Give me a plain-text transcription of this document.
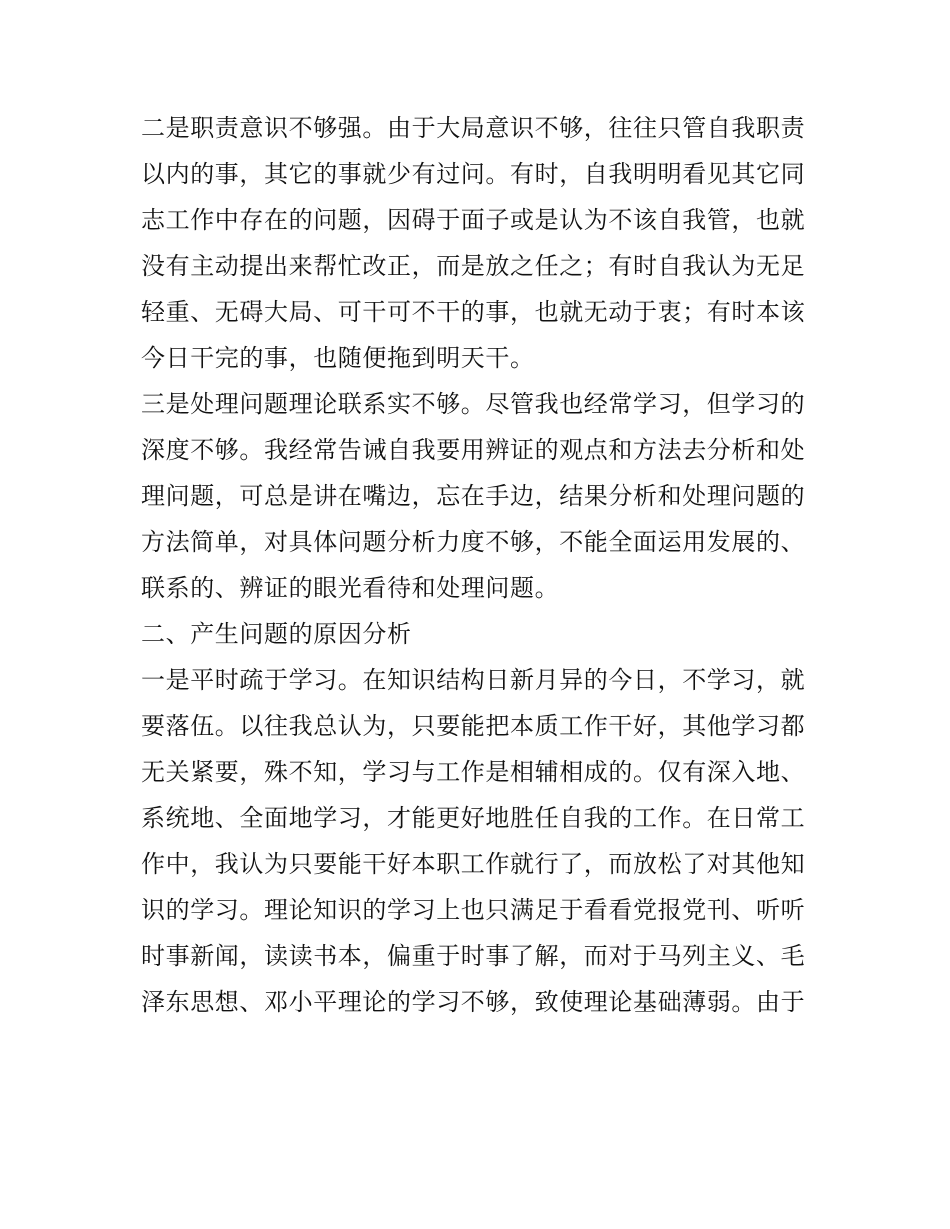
二是职责意识不够强。由于大局意识不够，往往只管自我职责
以内的事，其它的事就少有过问。有时，自我明明看见其它同
志工作中存在的问题，因碍于面子或是认为不该自我管，也就
没有主动提出来帮忙改正，而是放之任之；有时自我认为无足
轻重、无碍大局、可干可不干的事，也就无动于衷；有时本该
今日干完的事，也随便拖到明天干。

三是处理问题理论联系实不够。尽管我也经常学习，但学习的
深度不够。我经常告诫自我要用辨证的观点和方法去分析和处
理问题，可总是讲在嘴边，忘在手边，结果分析和处理问题的
方法简单，对具体问题分析力度不够，不能全面运用发展的、
联系的、辨证的眼光看待和处理问题。

二、产生问题的原因分析

一是平时疏于学习。在知识结构日新月异的今日，不学习，就
要落伍。以往我总认为，只要能把本质工作干好，其他学习都
无关紧要，殊不知，学习与工作是相辅相成的。仅有深入地、
系统地、全面地学习，才能更好地胜任自我的工作。在日常工
作中，我认为只要能干好本职工作就行了，而放松了对其他知
识的学习。理论知识的学习上也只满足于看看党报党刊、听听
时事新闻，读读书本，偏重于时事了解，而对于马列主义、毛
泽东思想、邓小平理论的学习不够，致使理论基础薄弱。由于
